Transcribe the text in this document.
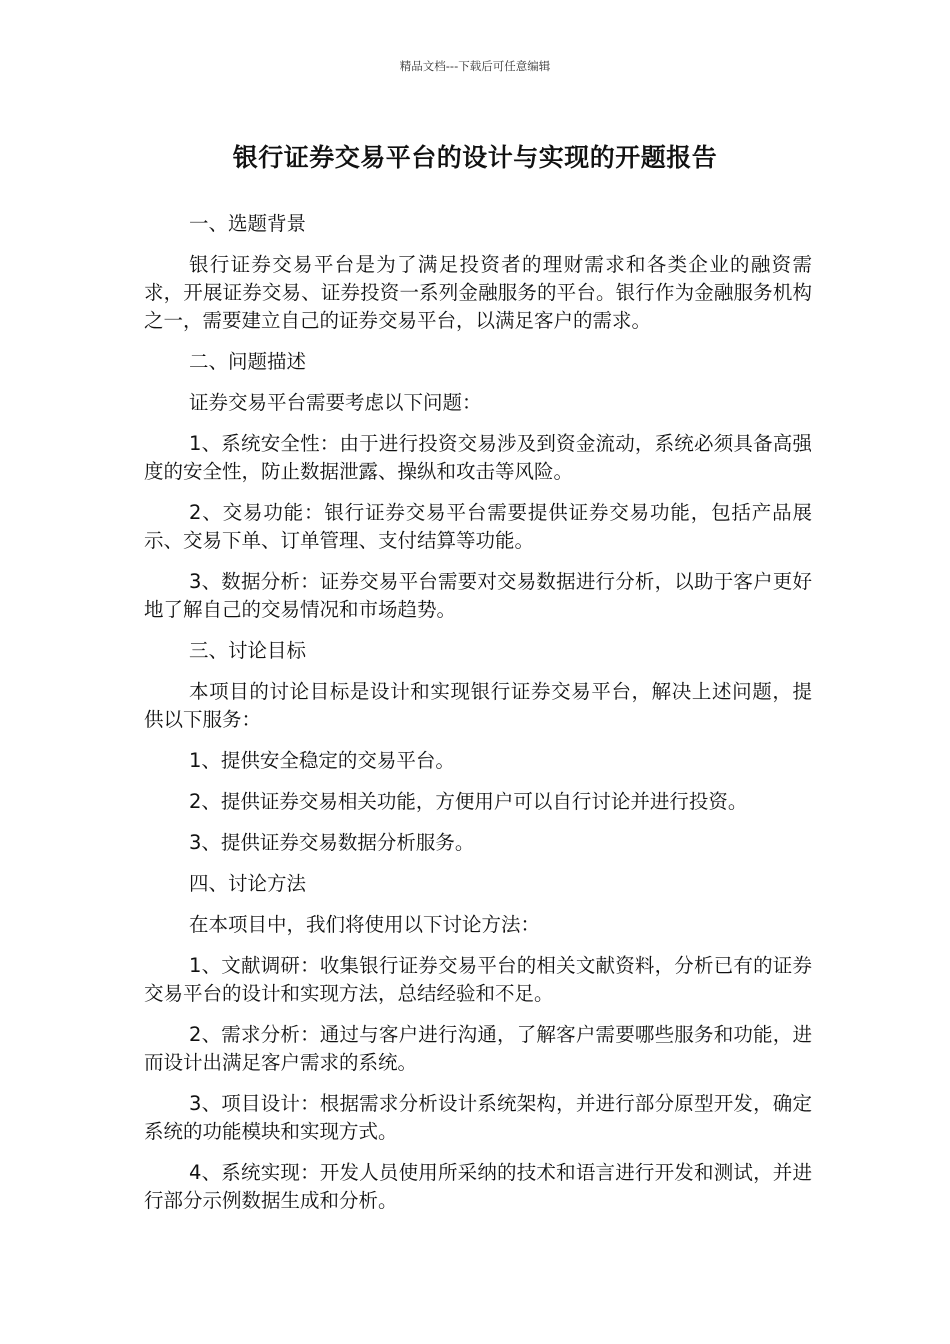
精品文档---下载后可任意编辑
银行证券交易平台的设计与实现的开题报告

一、选题背景

银行证券交易平台是为了满足投资者的理财需求和各类企业的融资需求，开展证券交易、证券投资一系列金融服务的平台。银行作为金融服务机构之一，需要建立自己的证券交易平台，以满足客户的需求。

二、问题描述

证券交易平台需要考虑以下问题：

1、系统安全性：由于进行投资交易涉及到资金流动，系统必须具备高强度的安全性，防止数据泄露、操纵和攻击等风险。

2、交易功能：银行证券交易平台需要提供证券交易功能，包括产品展示、交易下单、订单管理、支付结算等功能。

3、数据分析：证券交易平台需要对交易数据进行分析，以助于客户更好地了解自己的交易情况和市场趋势。

三、讨论目标

本项目的讨论目标是设计和实现银行证券交易平台，解决上述问题，提供以下服务：

1、提供安全稳定的交易平台。

2、提供证券交易相关功能，方便用户可以自行讨论并进行投资。

3、提供证券交易数据分析服务。

四、讨论方法

在本项目中，我们将使用以下讨论方法：

1、文献调研：收集银行证券交易平台的相关文献资料，分析已有的证券交易平台的设计和实现方法，总结经验和不足。

2、需求分析：通过与客户进行沟通，了解客户需要哪些服务和功能，进而设计出满足客户需求的系统。

3、项目设计：根据需求分析设计系统架构，并进行部分原型开发，确定系统的功能模块和实现方式。

4、系统实现：开发人员使用所采纳的技术和语言进行开发和测试，并进行部分示例数据生成和分析。
